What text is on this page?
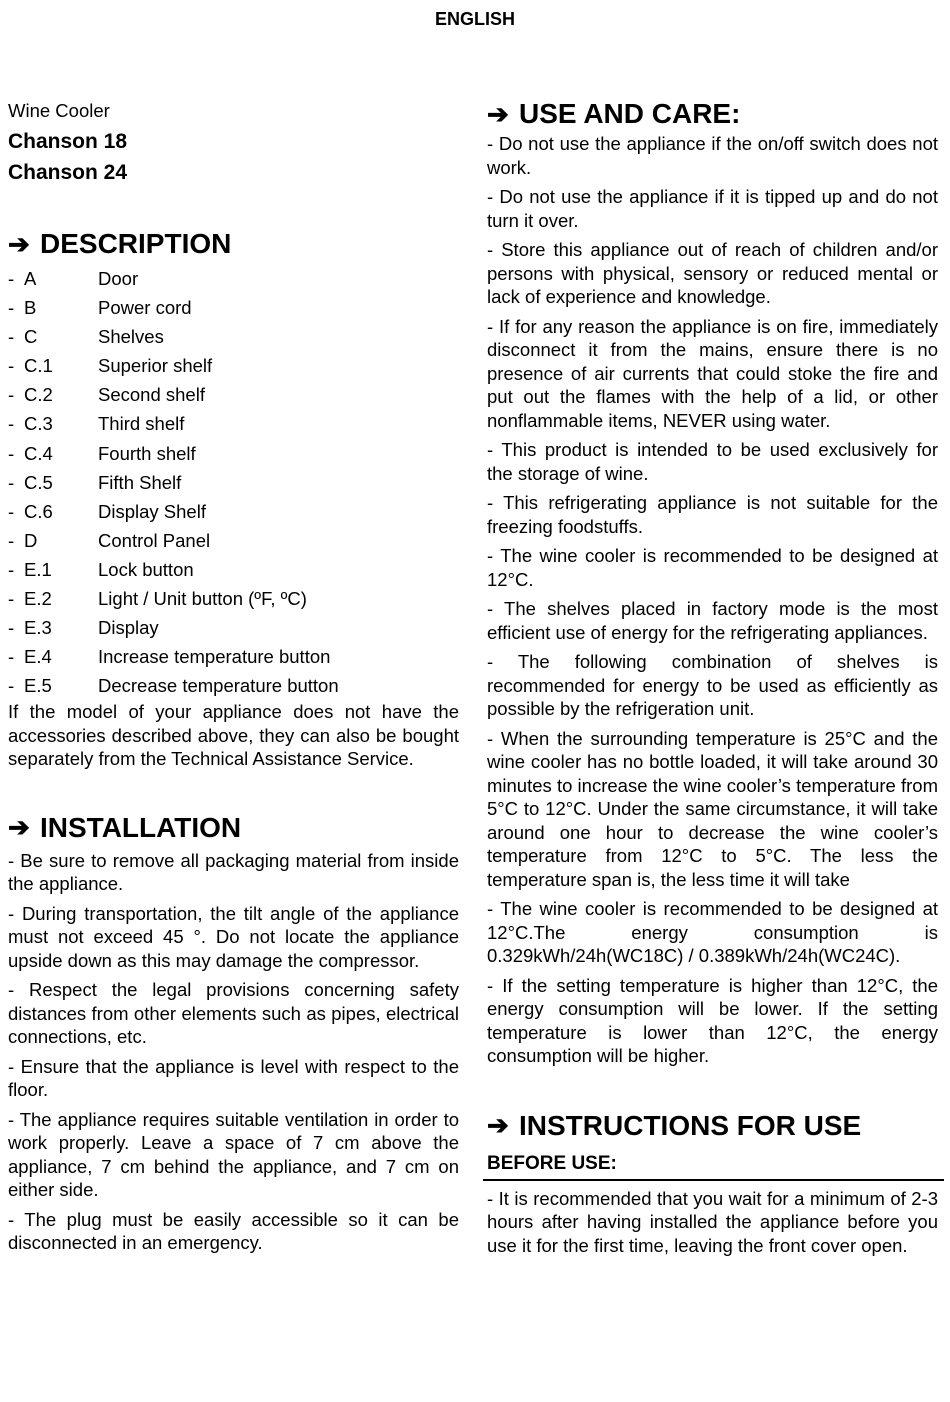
ENGLISH
Wine Cooler
Chanson 18
Chanson 24
➔ DESCRIPTION
- A	Door
- B	Power cord
- C	Shelves
- C.1	Superior shelf
- C.2	Second shelf
- C.3	Third shelf
- C.4	Fourth shelf
- C.5	Fifth Shelf
- C.6	Display Shelf
- D	Control Panel
- E.1	Lock button
- E.2	Light / Unit button (ºF, ºC)
- E.3	Display
- E.4	Increase temperature button
- E.5	Decrease temperature button
If the model of your appliance does not have the accessories described above, they can also be bought separately from the Technical Assistance Service.
➔ INSTALLATION
- Be sure to remove all packaging material from inside the appliance.
- During transportation, the tilt angle of the appliance must not exceed 45 °. Do not locate the appliance upside down as this may damage the compressor.
- Respect the legal provisions concerning safety distances from other elements such as pipes, electrical connections, etc.
- Ensure that the appliance is level with respect to the floor.
- The appliance requires suitable ventilation in order to work properly. Leave a space of 7 cm above the appliance, 7 cm behind the appliance, and 7 cm on either side.
- The plug must be easily accessible so it can be disconnected in an emergency.
➔ USE AND CARE:
- Do not use the appliance if the on/off switch does not work.
- Do not use the appliance if it is tipped up and do not turn it over.
- Store this appliance out of reach of children and/or persons with physical, sensory or reduced mental or lack of experience and knowledge.
- If for any reason the appliance is on fire, immediately disconnect it from the mains, ensure there is no presence of air currents that could stoke the fire and put out the flames with the help of a lid, or other nonflammable items, NEVER using water.
- This product is intended to be used exclusively for the storage of wine.
- This refrigerating appliance is not suitable for the freezing foodstuffs.
- The wine cooler is recommended to be designed at 12°C.
- The shelves placed in factory mode is the most efficient use of energy for the refrigerating appliances.
- The following combination of shelves is recommended for energy to be used as efficiently as possible by the refrigeration unit.
- When the surrounding temperature is 25°C and the wine cooler has no bottle loaded, it will take around 30 minutes to increase the wine cooler’s temperature from 5°C to 12°C. Under the same circumstance, it will take around one hour to decrease the wine cooler’s temperature from 12°C to 5°C. The less the temperature span is, the less time it will take
- The wine cooler is recommended to be designed at 12°C.The energy consumption is 0.329kWh/24h(WC18C) / 0.389kWh/24h(WC24C).
- If the setting temperature is higher than 12°C, the energy consumption will be lower. If the setting temperature is lower than 12°C, the energy consumption will be higher.
➔ INSTRUCTIONS FOR USE
BEFORE USE:
- It is recommended that you wait for a minimum of 2-3 hours after having installed the appliance before you use it for the first time, leaving the front cover open.
